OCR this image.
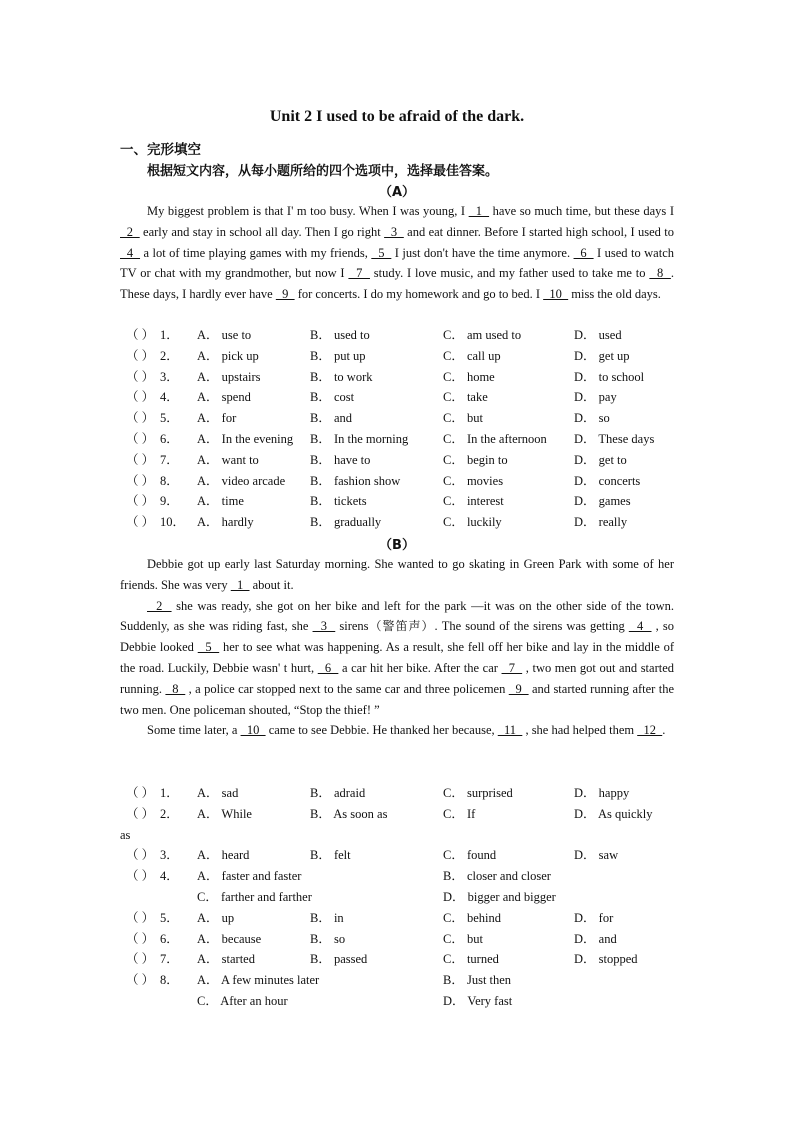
Unit 2 I used to be afraid of the dark.
一、完形填空
根据短文内容，从每小题所给的四个选项中，选择最佳答案。
（A）

My biggest problem is that I' m too busy. When I was young, I   1   have so much time, but these days I   2   early and stay in school all day. Then I go right   3   and eat dinner. Before I started high school, I used to   4   a lot of time playing games with my friends,   5   I just don't have the time anymore.   6   I used to watch TV or chat with my grandmother, but now I   7   study. I love music, and my father used to take me to   8  . These days, I hardly ever have   9   for concerts. I do my homework and go to bed. I   10   miss the old days.

（ ） 1． A． use to	B． used to	C． am used to	D． used
（ ） 2． A． pick up	B． put up	C． call up	D． get up
（ ） 3． A． upstairs	B． to work	C． home	D． to school
（ ） 4． A． spend	B． cost	C． take	D． pay
（ ） 5． A． for	B． and	C． but	D． so
（ ） 6． A． In the evening B． In the morning	C． In the afternoon D． These days
（ ） 7． A． want to	B． have to	C． begin to	D． get to
（ ） 8． A． video arcade B． fashion show	C． movies	D． concerts
（ ） 9． A． time	B． tickets	C． interest	D． games
（ ） 10． A． hardly	B． gradually	C． luckily	D． really
（B）

Debbie got up early last Saturday morning. She wanted to go skating in Green Park with some of her friends. She was very   1   about it.

2   she was ready, she got on her bike and left for the park —it was on the other side of the town. Suddenly, as she was riding fast, she   3   sirens（警笛声）. The sound of the sirens was getting   4   , so Debbie looked   5   her to see what was happening. As a result, she fell off her bike and lay in the middle of the road. Luckily, Debbie wasn' t hurt,   6   a car hit her bike. After the car   7   , two men got out and started running.   8   , a police car stopped next to the same car and three policemen   9   and started running after the two men. One policeman shouted, “Stop the thief! ”

Some time later, a   10   came to see Debbie. He thanked her because,   11   , she had helped them   12  .

（ ） 1． A． sad	B． adraid	C． surprised	D． happy
（ ） 2． A． While	B． As soon as	C． If	D． As quickly
as
（ ） 3． A． heard	B． felt	C． found	D． saw
（ ） 4． A． faster and faster	B． closer and closer
C． farther and farther	D． bigger and bigger
（ ） 5． A． up	B． in	C． behind	D． for
（ ） 6． A． because	B． so	C． but	D． and
（ ） 7． A． started	B． passed	C． turned	D． stopped
（ ） 8． A． A few minutes later	B． Just then
C． After an hour	D． Very fast
